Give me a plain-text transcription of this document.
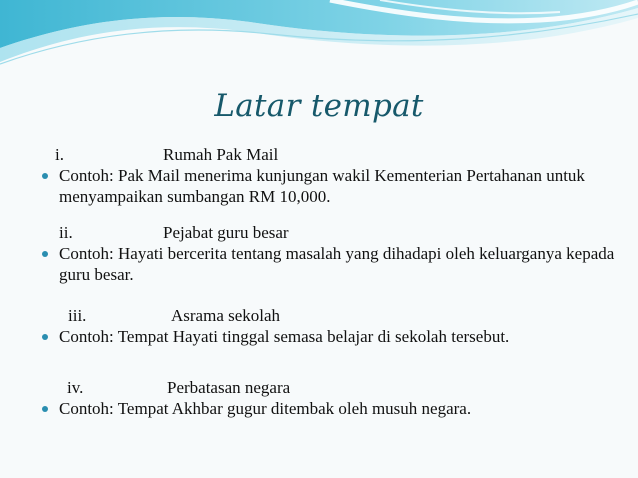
Latar tempat
i.	Rumah Pak Mail
Contoh: Pak Mail menerima kunjungan wakil Kementerian Pertahanan untuk menyampaikan sumbangan RM 10,000.
ii.	Pejabat guru besar
Contoh: Hayati bercerita tentang masalah yang dihadapi oleh keluarganya kepada guru besar.
iii.	Asrama sekolah
Contoh: Tempat Hayati tinggal semasa belajar di sekolah tersebut.
iv.	Perbatasan negara
Contoh: Tempat Akhbar gugur ditembak oleh musuh negara.
